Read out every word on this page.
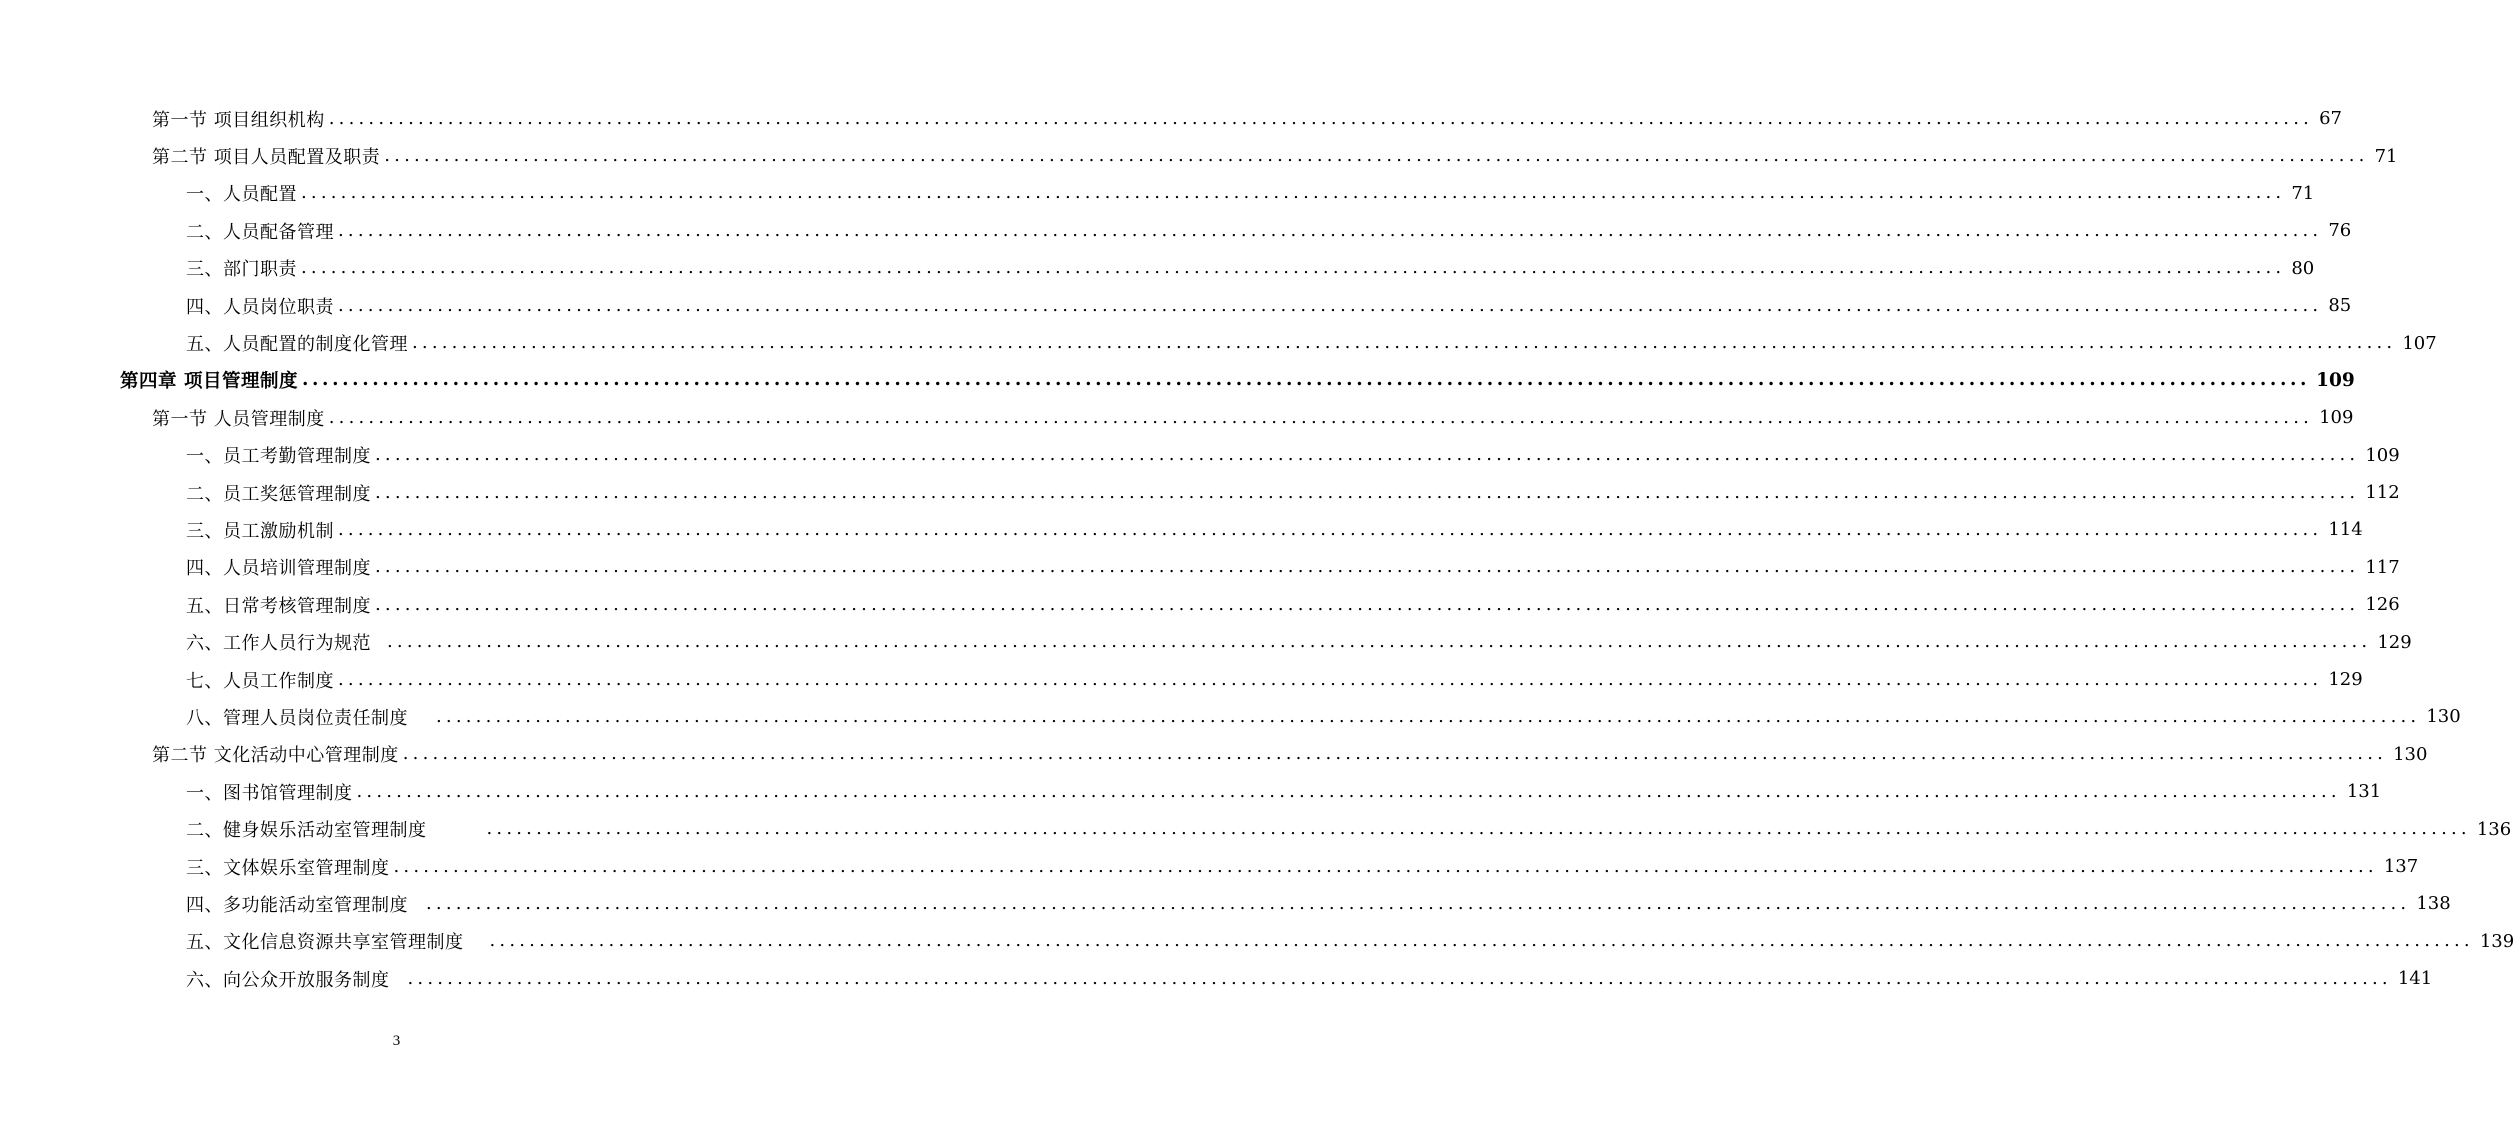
第一节 项目组织机构 ........................................................................................................................................................................................................ 67
第二节 项目人员配置及职责 ........................................................................................................................................................................................................ 71
一、人员配置 ........................................................................................................................................................................................................ 71
二、人员配备管理 ........................................................................................................................................................................................................ 76
三、部门职责 ........................................................................................................................................................................................................ 80
四、人员岗位职责 ........................................................................................................................................................................................................ 85
五、人员配置的制度化管理 ........................................................................................................................................................................................................ 107
第四章 项目管理制度 ........................................................................................................................................................................................................ 109
第一节 人员管理制度 ........................................................................................................................................................................................................ 109
一、员工考勤管理制度 ........................................................................................................................................................................................................ 109
二、员工奖惩管理制度 ........................................................................................................................................................................................................ 112
三、员工激励机制 ........................................................................................................................................................................................................ 114
四、人员培训管理制度 ........................................................................................................................................................................................................ 117
五、日常考核管理制度 ........................................................................................................................................................................................................ 126
六、工作人员行为规范 ........................................................................................................................................................................................................ 129
七、人员工作制度 ........................................................................................................................................................................................................ 129
八、管理人员岗位责任制度 ........................................................................................................................................................................................................ 130
第二节 文化活动中心管理制度 ........................................................................................................................................................................................................ 130
一、图书馆管理制度 ........................................................................................................................................................................................................ 131
二、健身娱乐活动室管理制度	........................................................................................................................................................................................................ 136
三、文体娱乐室管理制度 ........................................................................................................................................................................................................ 137
四、多功能活动室管理制度 ........................................................................................................................................................................................................ 138
五、文化信息资源共享室管理制度 ........................................................................................................................................................................................................ 139
六、向公众开放服务制度 ........................................................................................................................................................................................................ 141
3
